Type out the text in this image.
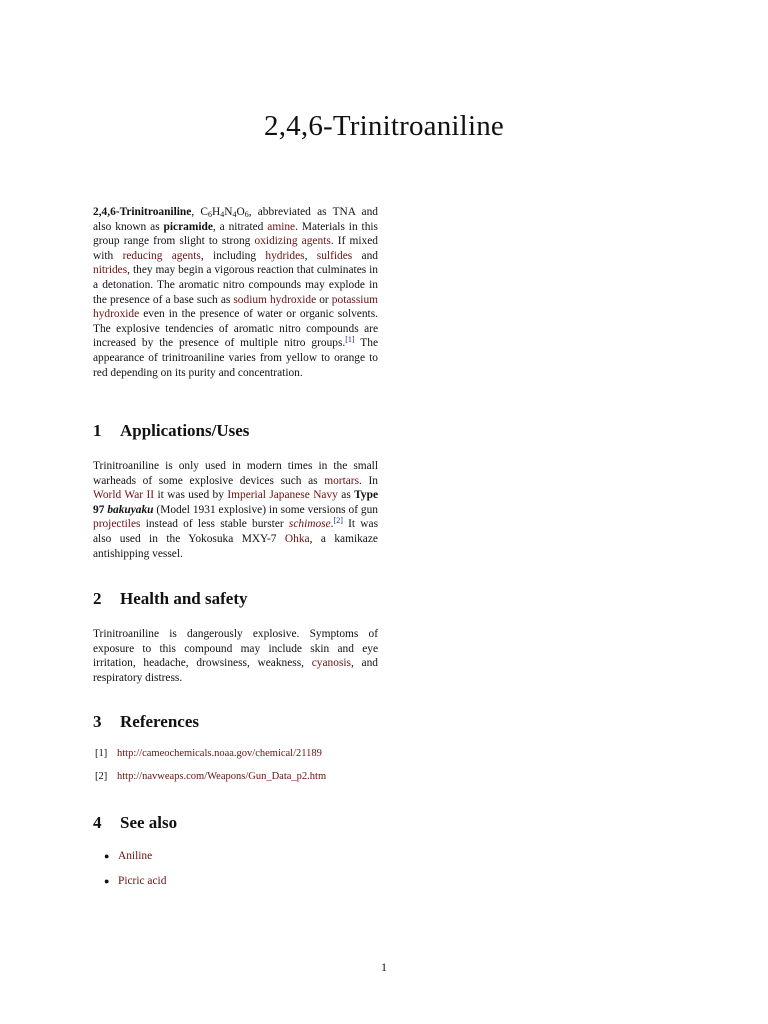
2,4,6-Trinitroaniline

2,4,6-Trinitroaniline, $C_6H_4N_4O_6$, abbreviated as TNA and also known as picramide, a nitrated amine. Materials in this group range from slight to strong oxidizing agents. If mixed with reducing agents, including hydrides, sulfides and nitrides, they may begin a vigorous reaction that culminates in a detonation. The aromatic nitro compounds may explode in the presence of a base such as sodium hydroxide or potassium hydroxide even in the presence of water or organic solvents. The explosive tendencies of aromatic nitro compounds are increased by the presence of multiple nitro groups.[1] The appearance of trinitroaniline varies from yellow to orange to red depending on its purity and concentration.

1 Applications/Uses

Trinitroaniline is only used in modern times in the small warheads of some explosive devices such as mortars. In World War II it was used by Imperial Japanese Navy as Type 97 bakuyaku (Model 1931 explosive) in some versions of gun projectiles instead of less stable burster schimose.[2] It was also used in the Yokosuka MXY-7 Ohka, a kamikaze antishipping vessel.

2 Health and safety

Trinitroaniline is dangerously explosive. Symptoms of exposure to this compound may include skin and eye irritation, headache, drowsiness, weakness, cyanosis, and respiratory distress.

3 References
[1] http://cameochemicals.noaa.gov/chemical/21189
[2] http://navweaps.com/Weapons/Gun_Data_p2.htm
4 See also
● Aniline
● Picric acid
1
